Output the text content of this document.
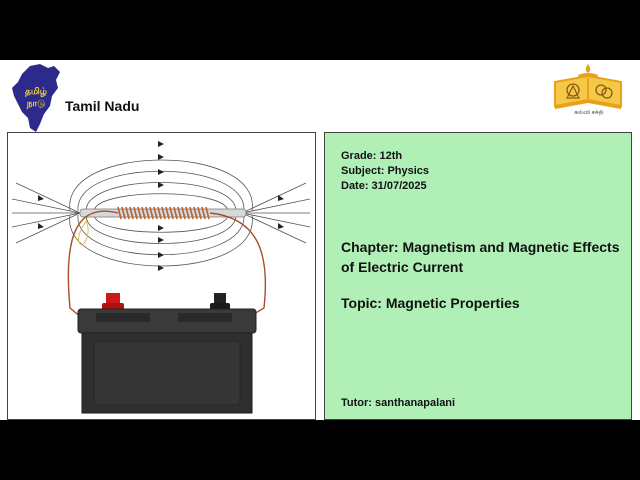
தமிழ்
நாடு Tamil Nadu	கல்வி சக்தி
Grade: 12th
Subject: Physics
Date: 31/07/2025
Chapter: Magnetism and Magnetic Effects of Electric Current
Topic: Magnetic Properties
Tutor: santhanapalani
